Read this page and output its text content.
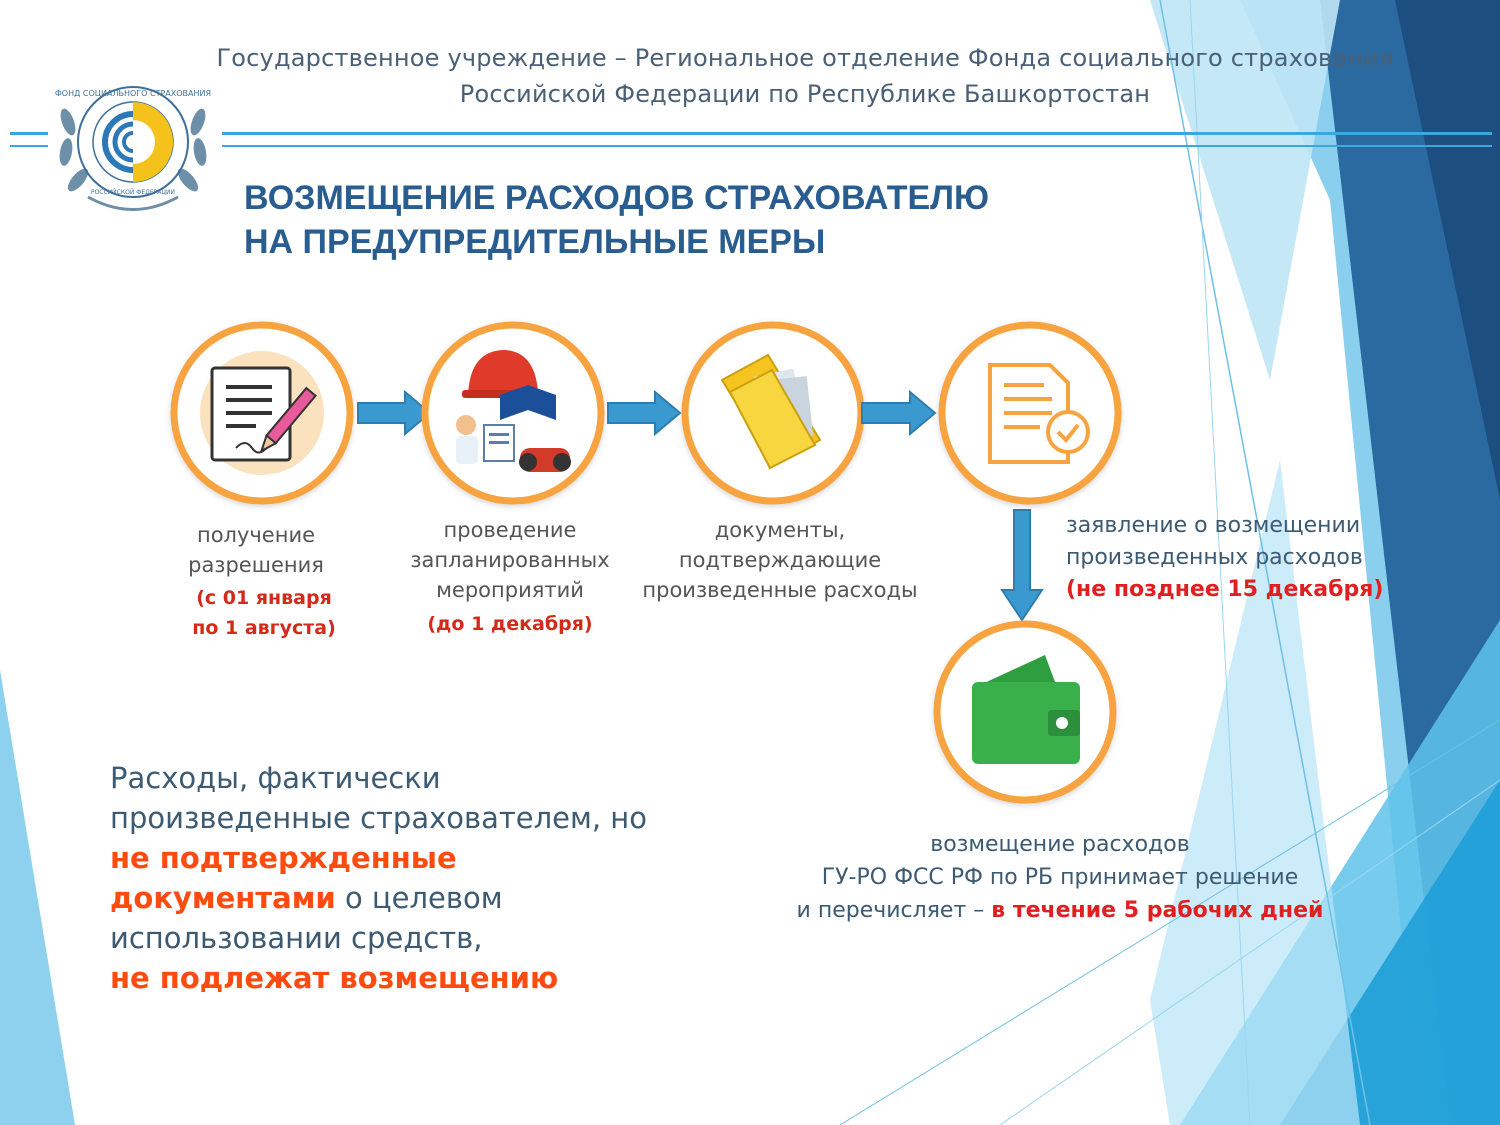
ФОНД СОЦИАЛЬНОГО СТРАХОВАНИЯ
РОССИЙСКОЙ ФЕДЕРАЦИИ
Государственное учреждение – Региональное отделение Фонда социального страхования
Российской Федерации по Республике Башкортостан
ВОЗМЕЩЕНИЕ РАСХОДОВ СТРАХОВАТЕЛЮ
НА ПРЕДУПРЕДИТЕЛЬНЫЕ МЕРЫ
получение
разрешения
(с 01 января
по 1 августа)
проведение
запланированных
мероприятий
(до 1 декабря)
документы,
подтверждающие
произведенные расходы
заявление о возмещении
произведенных расходов
(не позднее 15 декабря)
Расходы, фактически произведенные страхователем, но не подтвержденные документами о целевом использовании средств,
не подлежат возмещению
возмещение расходов
ГУ-РО ФСС РФ по РБ принимает решение
и перечисляет – в течение 5 рабочих дней
